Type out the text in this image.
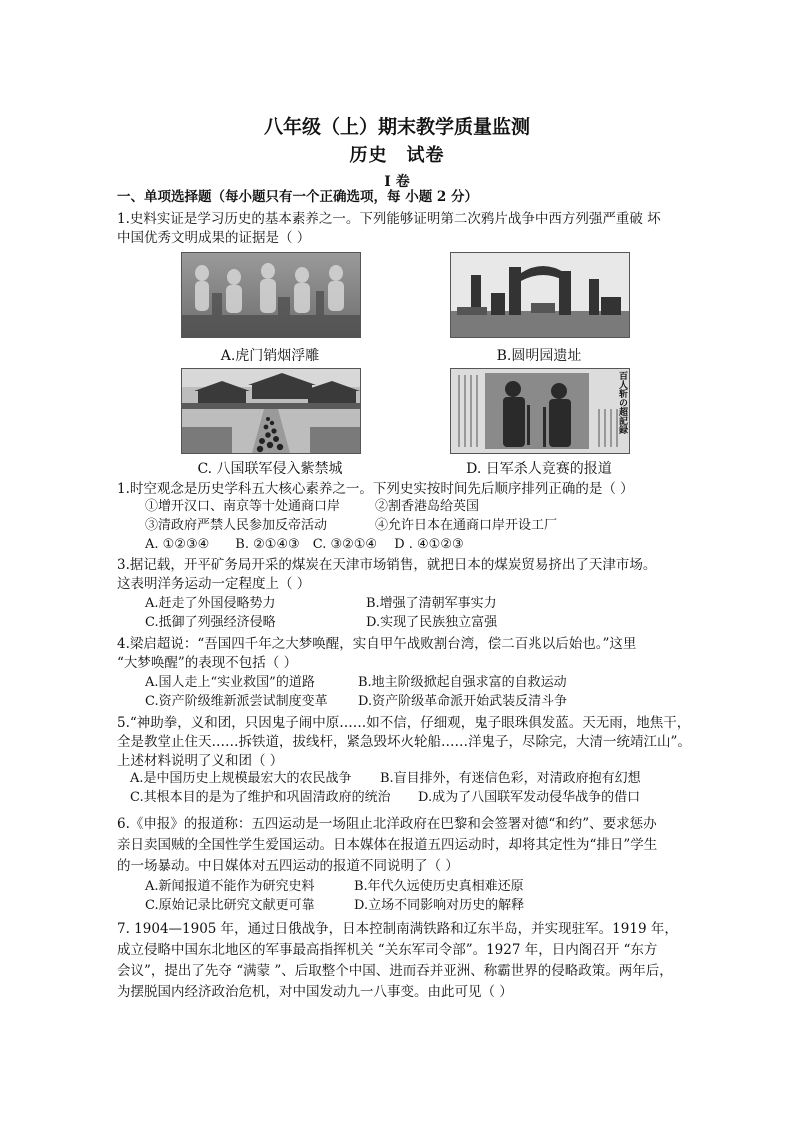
八年级（上）期末教学质量监测
历史　试卷
I 卷
一、单项选择题（每小题只有一个正确选项，每 小题 2 分）
1.史料实证是学习历史的基本素养之一。下列能够证明第二次鸦片战争中西方列强严重破 坏
中国优秀文明成果的证据是（ ）
A.虎门销烟浮雕	B.圆明园遗址
C. 八国联军侵入紫禁城
百人斩の超記録
D. 日军杀人竞赛的报道
1.时空观念是历史学科五大核心素养之一。下列史实按时间先后顺序排列正确的是（ ）
①增开汉口、南京等十处通商口岸	②割香港岛给英国
③清政府严禁人民参加反帝活动	④允许日本在通商口岸开设工厂
A. ①②③④　　B. ②①④③　C. ③②①④　 D . ④①②③
3.据记载，开平矿务局开采的煤炭在天津市场销售，就把日本的煤炭贸易挤出了天津市场。
这表明洋务运动一定程度上（ ）
A.赶走了外国侵略势力	B.增强了清朝军事实力
C.抵御了列强经济侵略	D.实现了民族独立富强
4.梁启超说：“吾国四千年之大梦唤醒，实自甲午战败割台湾，偿二百兆以后始也。”这里
“大梦唤醒”的表现不包括（ ）
A.国人走上“实业救国”的道路	B.地主阶级掀起自强求富的自救运动
C.资产阶级维新派尝试制度变革 D.资产阶级革命派开始武装反清斗争
5.“神助拳，义和团，只因鬼子闹中原……如不信，仔细观，鬼子眼珠俱发蓝。天无雨，地焦干，
全是教堂止住天……拆铁道，拔线杆，紧急毁坏火轮船……洋鬼子，尽除完，大清一统靖江山”。
上述材料说明了义和团（ ）
A.是中国历史上规模最宏大的农民战争 B.盲目排外，有迷信色彩，对清政府抱有幻想
C.其根本目的是为了维护和巩固清政府的统治 D.成为了八国联军发动侵华战争的借口
6.《申报》的报道称：五四运动是一场阻止北洋政府在巴黎和会签署对德“和约”、要求惩办
亲日卖国贼的全国性学生爱国运动。日本媒体在报道五四运动时，却将其定性为“排日”学生
的一场暴动。中日媒体对五四运动的报道不同说明了（ ）
A.新闻报道不能作为研究史料	B.年代久远使历史真相难还原
C.原始记录比研究文献更可靠	D.立场不同影响对历史的解释
7. 1904—1905 年，通过日俄战争，日本控制南满铁路和辽东半岛，并实现驻军。1919 年，
成立侵略中国东北地区的军事最高指挥机关 “关东军司令部”。1927 年，日内阁召开 “东方
会议”，提出了先夺 “满蒙 ”、后取整个中国、进而吞并亚洲、称霸世界的侵略政策。两年后，
为摆脱国内经济政治危机，对中国发动九一八事变。由此可见（ ）
